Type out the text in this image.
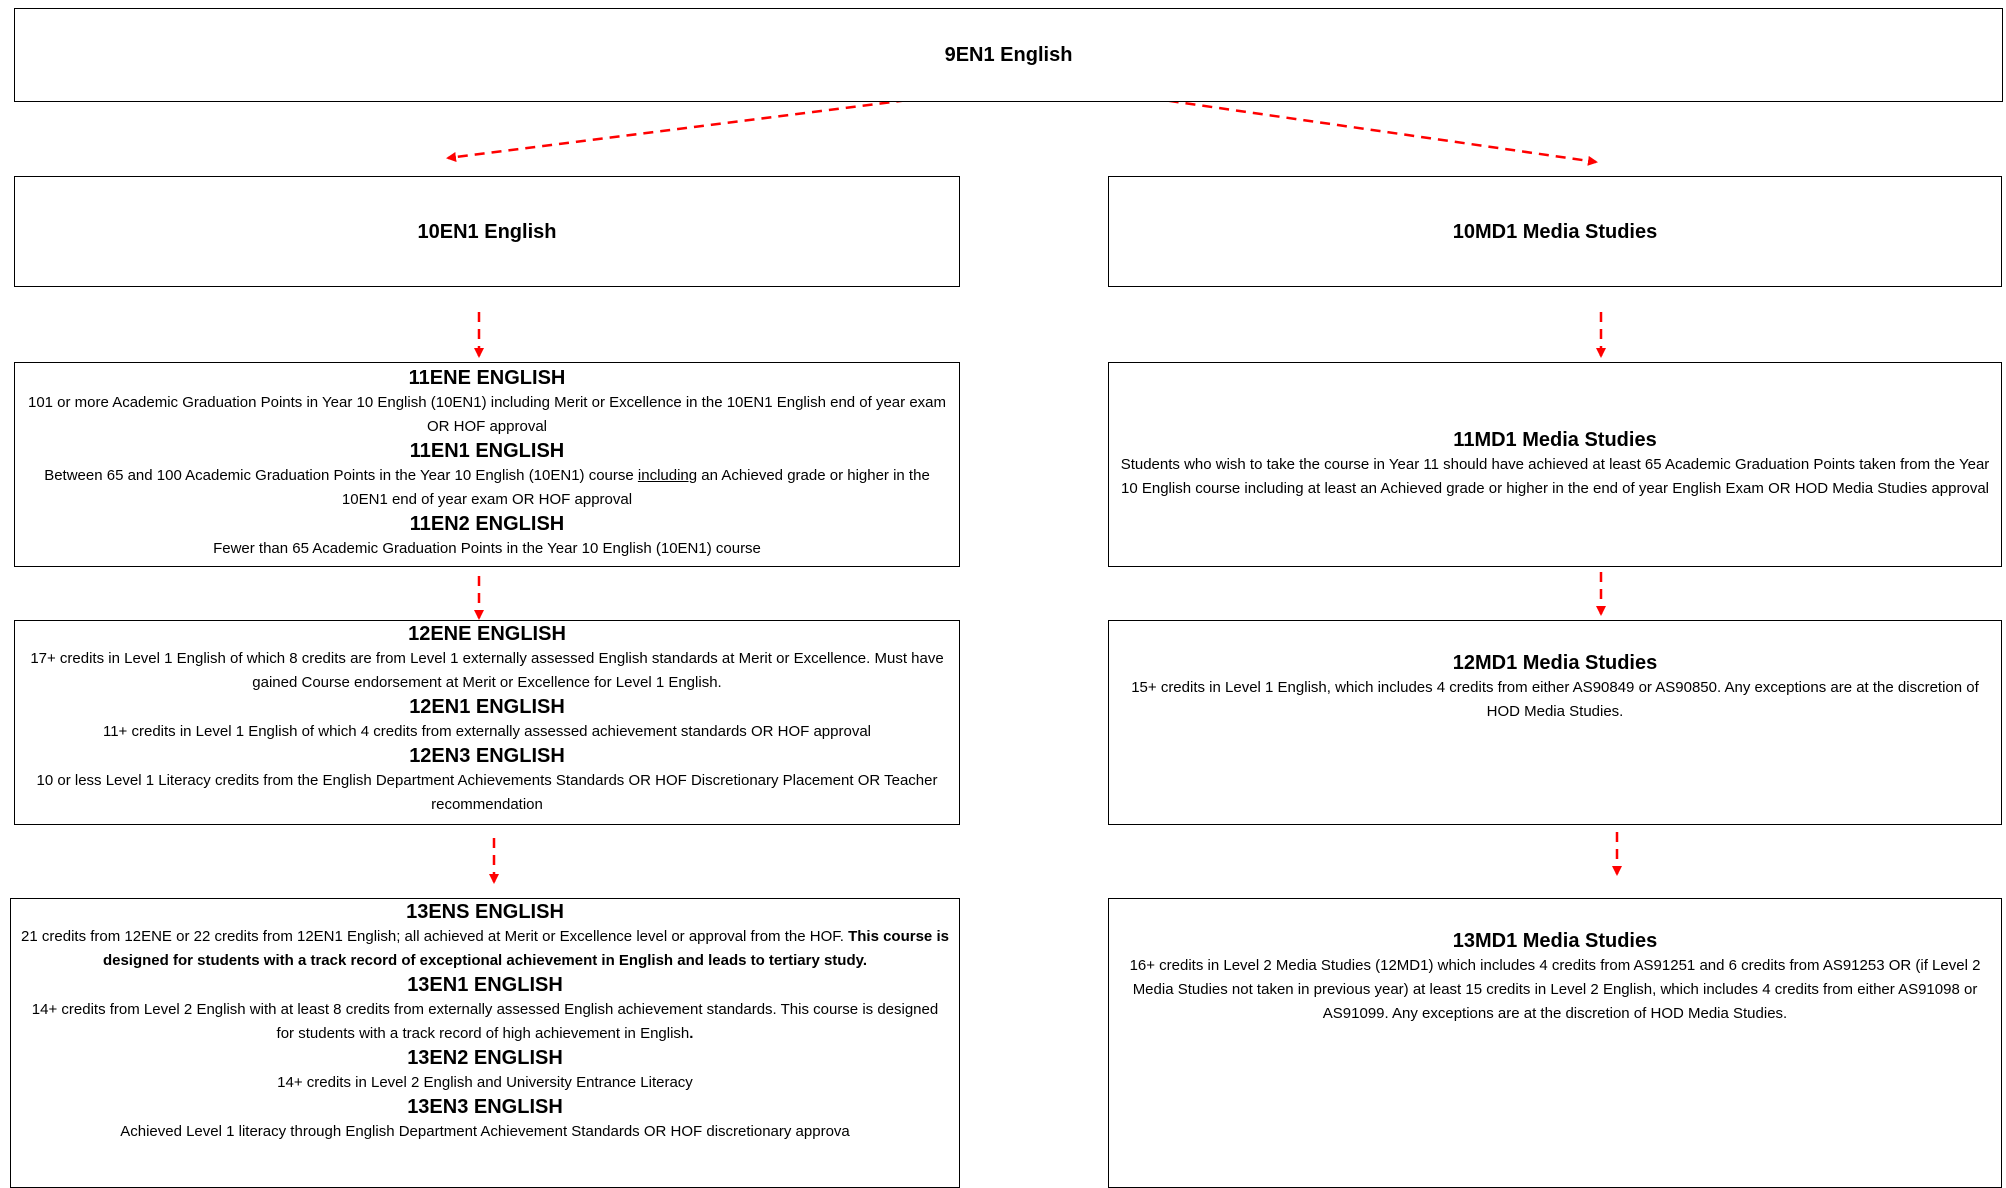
9EN1 English
10EN1 English	10MD1 Media Studies
11ENE ENGLISH
101 or more Academic Graduation Points in Year 10 English (10EN1) including Merit or Excellence in the 10EN1 English end of year exam OR HOF approval
11EN1 ENGLISH
Between 65 and 100 Academic Graduation Points in the Year 10 English (10EN1) course including an Achieved grade or higher in the 10EN1 end of year exam OR HOF approval
11EN2 ENGLISH
Fewer than 65 Academic Graduation Points in the Year 10 English (10EN1) course
11MD1 Media Studies
Students who wish to take the course in Year 11 should have achieved at least 65 Academic Graduation Points taken from the Year 10 English course including at least an Achieved grade or higher in the end of year English Exam OR HOD Media Studies approval
12ENE ENGLISH
17+ credits in Level 1 English of which 8 credits are from Level 1 externally assessed English standards at Merit or Excellence. Must have gained Course endorsement at Merit or Excellence for Level 1 English.
12EN1 ENGLISH
11+ credits in Level 1 English of which 4 credits from externally assessed achievement standards OR HOF approval
12EN3 ENGLISH
10 or less Level 1 Literacy credits from the English Department Achievements Standards OR HOF Discretionary Placement OR Teacher recommendation
12MD1 Media Studies
15+ credits in Level 1 English, which includes 4 credits from either AS90849 or AS90850. Any exceptions are at the discretion of HOD Media Studies.
13ENS ENGLISH
21 credits from 12ENE or 22 credits from 12EN1 English; all achieved at Merit or Excellence level or approval from the HOF. This course is designed for students with a track record of exceptional achievement in English and leads to tertiary study.
13EN1 ENGLISH
14+ credits from Level 2 English with at least 8 credits from externally assessed English achievement standards. This course is designed for students with a track record of high achievement in English.
13EN2 ENGLISH
14+ credits in Level 2 English and University Entrance Literacy
13EN3 ENGLISH
Achieved Level 1 literacy through English Department Achievement Standards OR HOF discretionary approva
13MD1 Media Studies
16+ credits in Level 2 Media Studies (12MD1) which includes 4 credits from AS91251 and 6 credits from AS91253 OR (if Level 2 Media Studies not taken in previous year) at least 15 credits in Level 2 English, which includes 4 credits from either AS91098 or AS91099. Any exceptions are at the discretion of HOD Media Studies.
